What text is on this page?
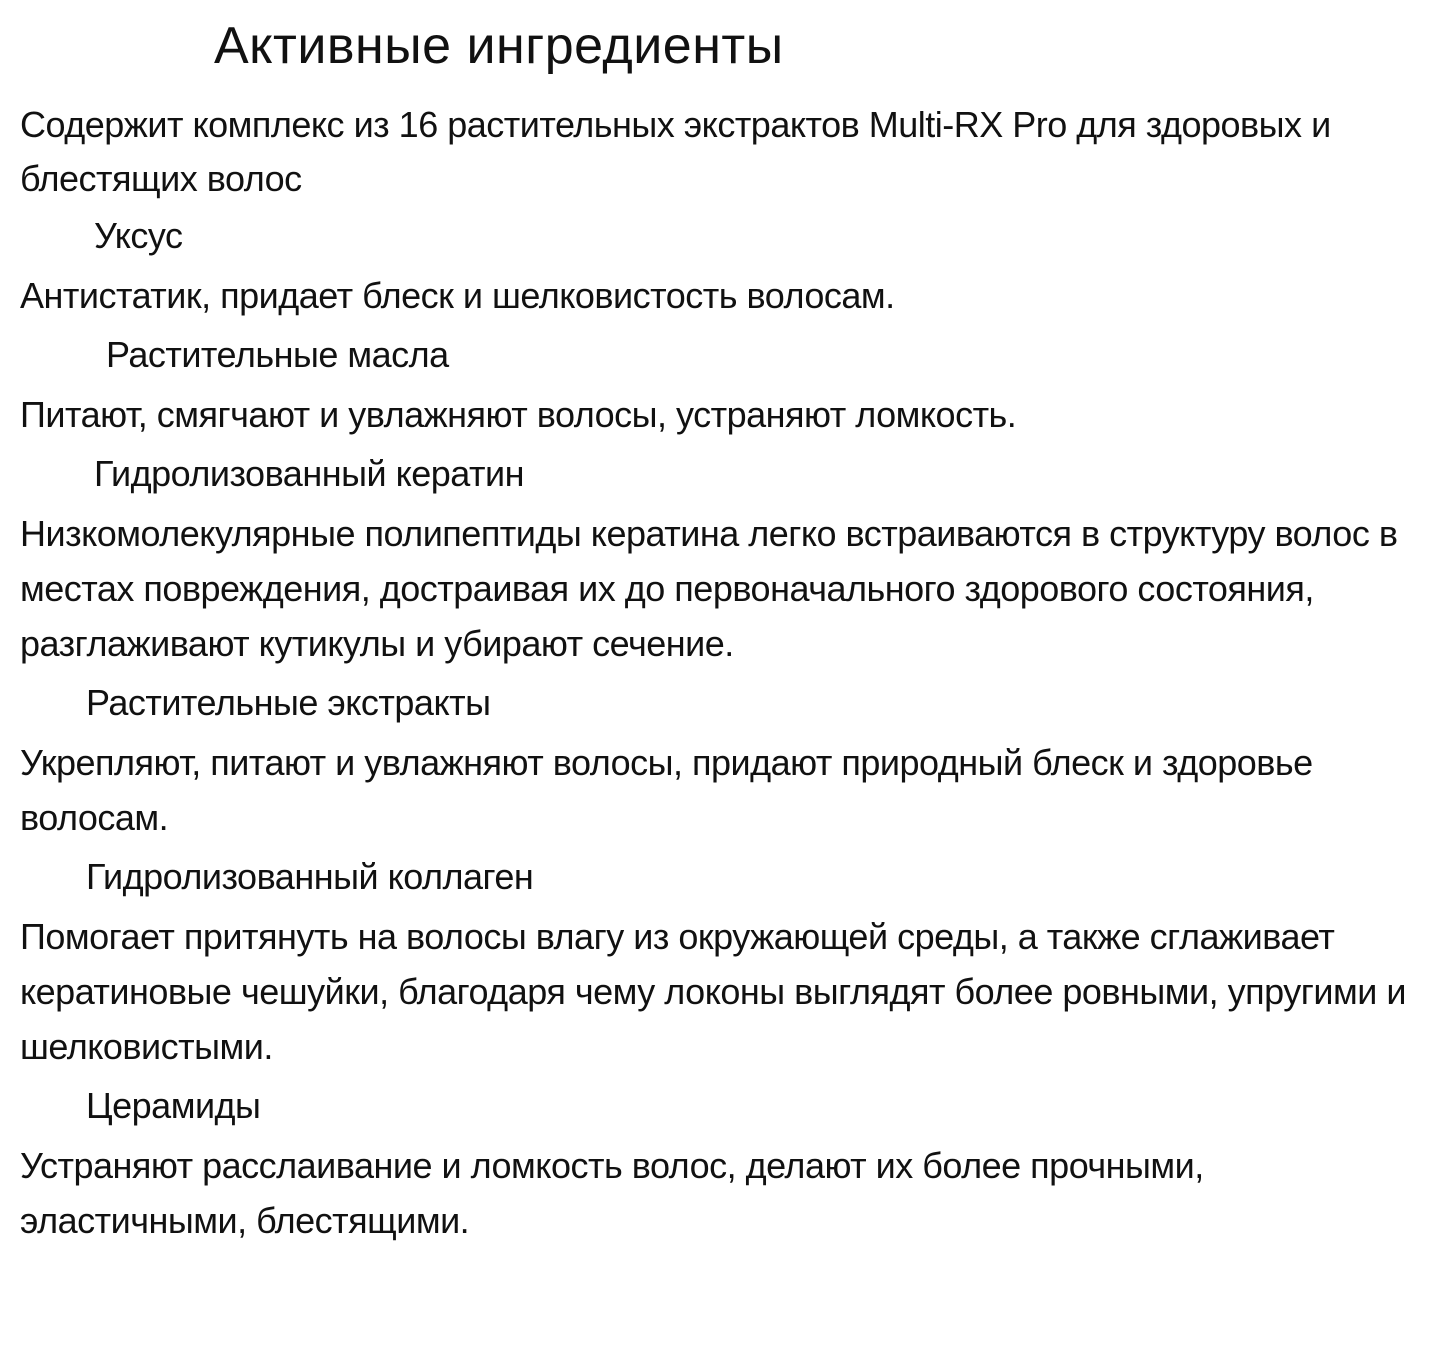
Активные ингредиенты

Содержит комплекс из 16 растительных экстрактов Multi-RX Pro для здоровых и блестящих волос

Уксус
Антистатик, придает блеск и шелковистость волосам.
Растительные масла
Питают, смягчают и увлажняют волосы, устраняют ломкость.
Гидролизованный кератин
Низкомолекулярные полипептиды кератина легко встраиваются в структуру волос в местах повреждения, достраивая их до первоначального здорового состояния, разглаживают кутикулы и убирают сечение.
Растительные экстракты
Укрепляют, питают и увлажняют волосы, придают природный блеск и здоровье волосам.
Гидролизованный коллаген
Помогает притянуть на волосы влагу из окружающей среды, а также сглаживает кератиновые чешуйки, благодаря чему локоны выглядят более ровными, упругими и шелковистыми.
Церамиды
Устраняют расслаивание и ломкость волос, делают их более прочными, эластичными, блестящими.
